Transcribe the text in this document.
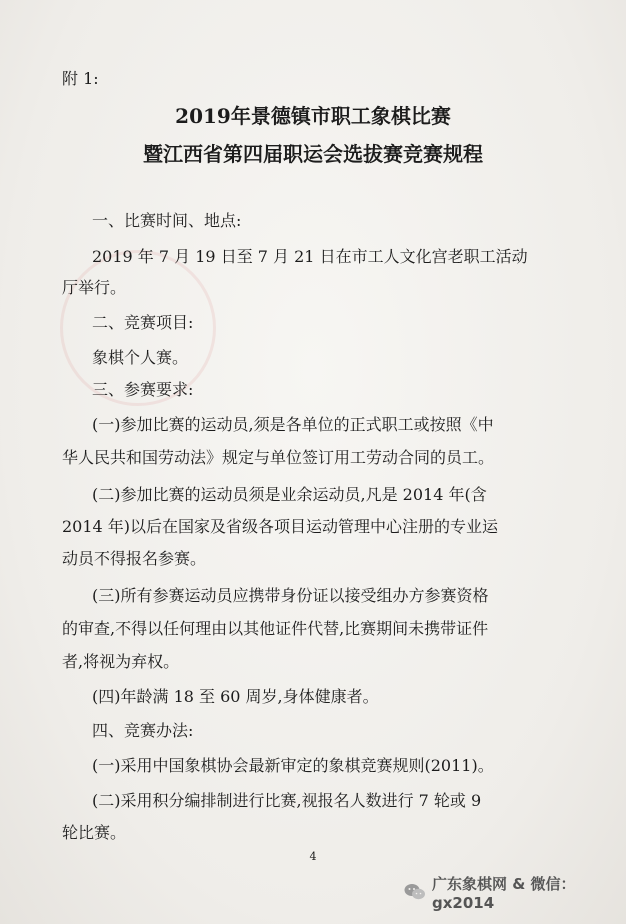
附 1:
2019年景德镇市职工象棋比赛
暨江西省第四届职运会选拔赛竞赛规程
一、比赛时间、地点:
2019 年 7 月 19 日至 7 月 21 日在市工人文化宫老职工活动
厅举行。
二、竞赛项目:
象棋个人赛。
三、参赛要求:
(一)参加比赛的运动员,须是各单位的正式职工或按照《中
华人民共和国劳动法》规定与单位签订用工劳动合同的员工。
(二)参加比赛的运动员须是业余运动员,凡是 2014 年(含
2014 年)以后在国家及省级各项目运动管理中心注册的专业运
动员不得报名参赛。
(三)所有参赛运动员应携带身份证以接受组办方参赛资格
的审查,不得以任何理由以其他证件代替,比赛期间未携带证件
者,将视为弃权。
(四)年龄满 18 至 60 周岁,身体健康者。
四、竞赛办法:
(一)采用中国象棋协会最新审定的象棋竞赛规则(2011)。
(二)采用积分编排制进行比赛,视报名人数进行 7 轮或 9
轮比赛。
4
广东象棋网 & 微信：gx2014
